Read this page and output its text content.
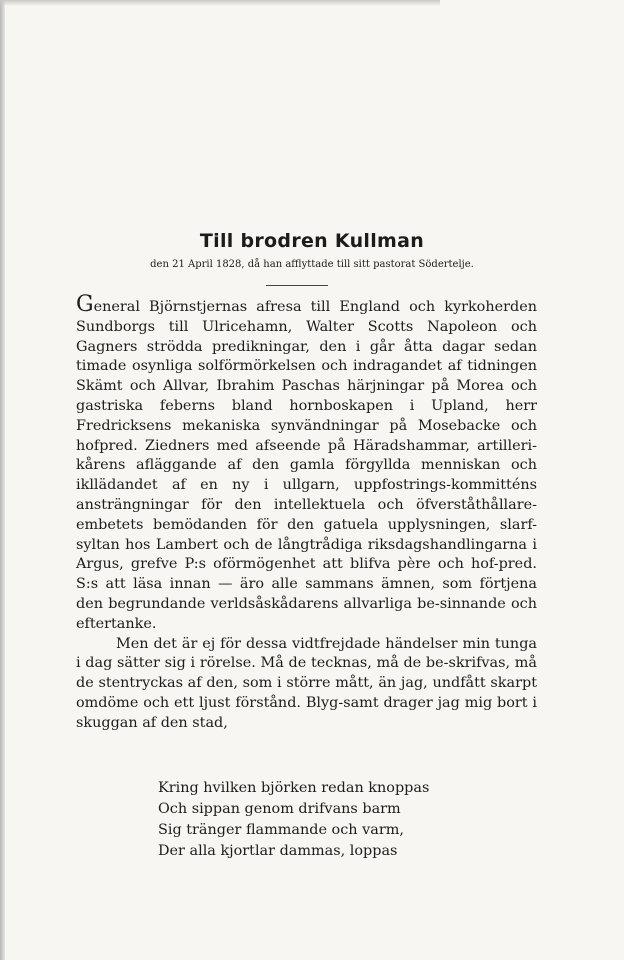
Till brodren Kullman
den 21 April 1828, då han afflyttade till sitt pastorat Södertelje.

General Björnstjernas afresa till England och kyrkoherden Sundborgs till Ulricehamn, Walter Scotts Napoleon och Gagners strödda predikningar, den i går åtta dagar sedan timade osynliga solförmörkelsen och indragandet af tidningen Skämt och Allvar, Ibrahim Paschas härjningar på Morea och gastriska feberns bland hornboskapen i Upland, herr Fredricksens mekaniska synvändningar på Mosebacke och hofpred. Ziedners med afseende på Häradshammar, artilleri-kårens afläggande af den gamla förgyllda menniskan och ikllädandet af en ny i ullgarn, uppfostrings-kommitténs ansträngningar för den intellektuela och öfverståthållare-embetets bemödanden för den gatuela upplysningen, slarf-syltan hos Lambert och de långtrådiga riksdagshandlingarna i Argus, grefve P:s oförmögenhet att blifva père och hof-pred. S:s att läsa innan — äro alle sammans ämnen, som förtjena den begrundande verldsåskådarens allvarliga be-sinnande och eftertanke.

Men det är ej för dessa vidtfrejdade händelser min tunga i dag sätter sig i rörelse. Må de tecknas, må de be-skrifvas, må de stentryckas af den, som i större mått, än jag, undfått skarpt omdöme och ett ljust förstånd. Blyg-samt drager jag mig bort i skuggan af den stad,

Kring hvilken björken redan knoppas

Och sippan genom drifvans barm

Sig tränger flammande och varm,

Der alla kjortlar dammas, loppas
